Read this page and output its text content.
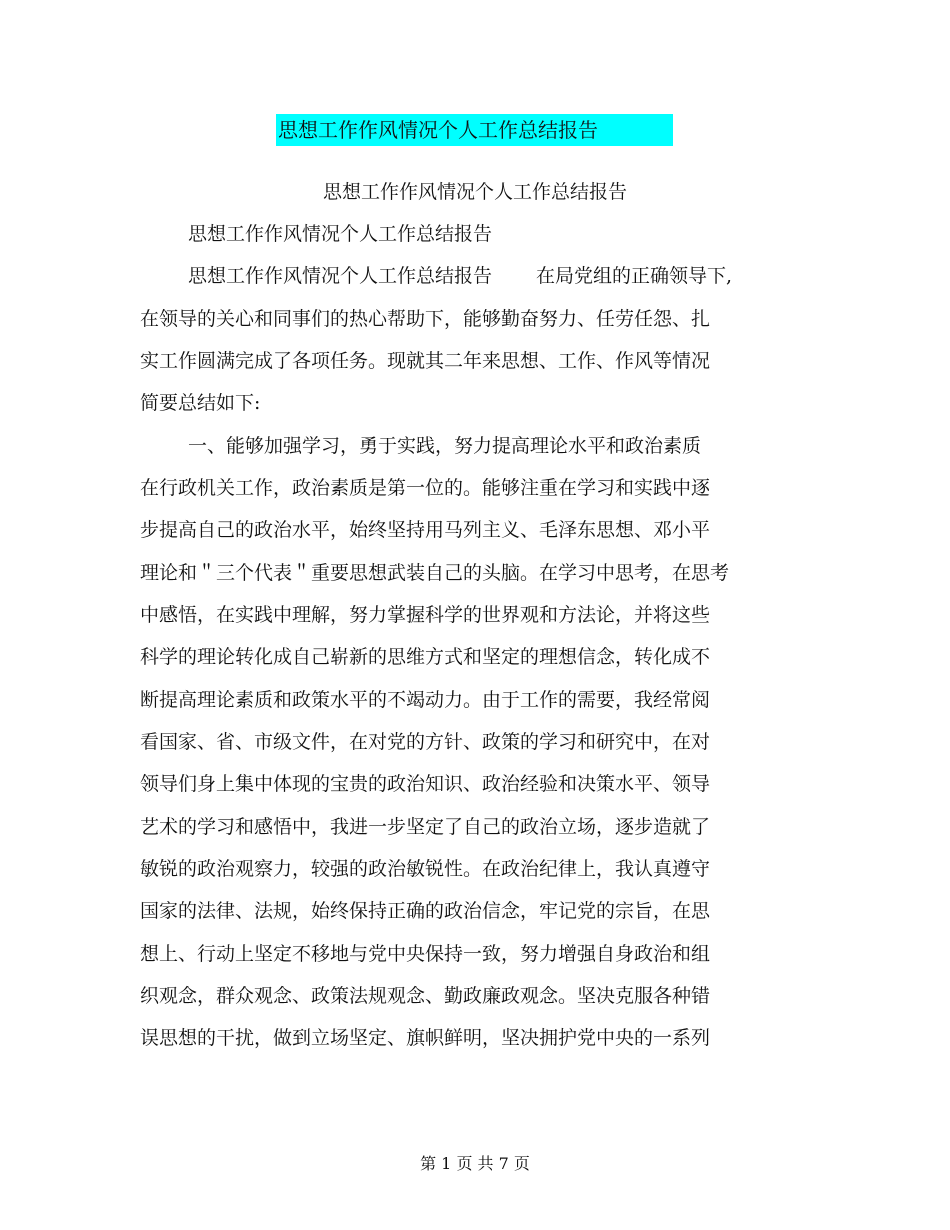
思想工作作风情况个人工作总结报告
思想工作作风情况个人工作总结报告
思想工作作风情况个人工作总结报告
思想工作作风情况个人工作总结报告 在局党组的正确领导下,
在领导的关心和同事们的热心帮助下，能够勤奋努力、任劳任怨、扎
实工作圆满完成了各项任务。现就其二年来思想、工作、作风等情况
简要总结如下:
一、能够加强学习，勇于实践，努力提高理论水平和政治素质
在行政机关工作，政治素质是第一位的。能够注重在学习和实践中逐
步提高自己的政治水平，始终坚持用马列主义、毛泽东思想、邓小平
理论和＂三个代表＂重要思想武装自己的头脑。在学习中思考，在思考
中感悟，在实践中理解，努力掌握科学的世界观和方法论，并将这些
科学的理论转化成自己崭新的思维方式和坚定的理想信念，转化成不
断提高理论素质和政策水平的不竭动力。由于工作的需要，我经常阅
看国家、省、市级文件，在对党的方针、政策的学习和研究中，在对
领导们身上集中体现的宝贵的政治知识、政治经验和决策水平、领导
艺术的学习和感悟中，我进一步坚定了自己的政治立场，逐步造就了
敏锐的政治观察力，较强的政治敏锐性。在政治纪律上，我认真遵守
国家的法律、法规，始终保持正确的政治信念，牢记党的宗旨，在思
想上、行动上坚定不移地与党中央保持一致，努力增强自身政治和组
织观念，群众观念、政策法规观念、勤政廉政观念。坚决克服各种错
误思想的干扰，做到立场坚定、旗帜鲜明，坚决拥护党中央的一系列
第 1 页 共 7 页
